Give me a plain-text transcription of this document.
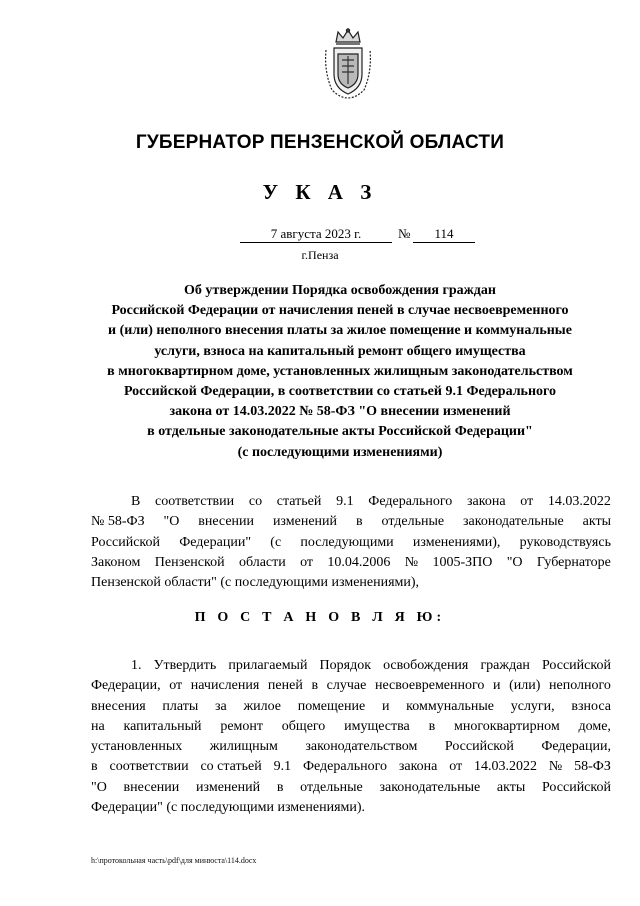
ГУБЕРНАТОР ПЕНЗЕНСКОЙ ОБЛАСТИ
У К А З
7 августа 2023 г.	№	114
г.Пенза
Об утверждении Порядка освобождения граждан
Российской Федерации от начисления пеней в случае несвоевременного
и (или) неполного внесения платы за жилое помещение и коммунальные
услуги, взноса на капитальный ремонт общего имущества
в многоквартирном доме, установленных жилищным законодательством
Российской Федерации, в соответствии со статьей 9.1 Федерального
закона от 14.03.2022 № 58-ФЗ "О внесении изменений
в отдельные законодательные акты Российской Федерации"
(с последующими изменениями)
В соответствии со статьей 9.1 Федерального закона от 14.03.2022
№ 58-ФЗ "О внесении изменений в отдельные законодательные акты
Российской Федерации" (с последующими изменениями), руководствуясь
Законом Пензенской области от 10.04.2006 № 1005-ЗПО "О Губернаторе
Пензенской области" (с последующими изменениями),
П О С Т А Н О В Л Я Ю:
1. Утвердить прилагаемый Порядок освобождения граждан Российской
Федерации, от начисления пеней в случае несвоевременного и (или) неполного
внесения платы за жилое помещение и коммунальные услуги, взноса
на капитальный ремонт общего имущества в многоквартирном доме,
установленных жилищным законодательством Российской Федерации,
в соответствии со статьей 9.1 Федерального закона от 14.03.2022 № 58-ФЗ
"О внесении изменений в отдельные законодательные акты Российской
Федерации" (с последующими изменениями).
h:\протокольная часть\pdf\для минюста\114.docx
